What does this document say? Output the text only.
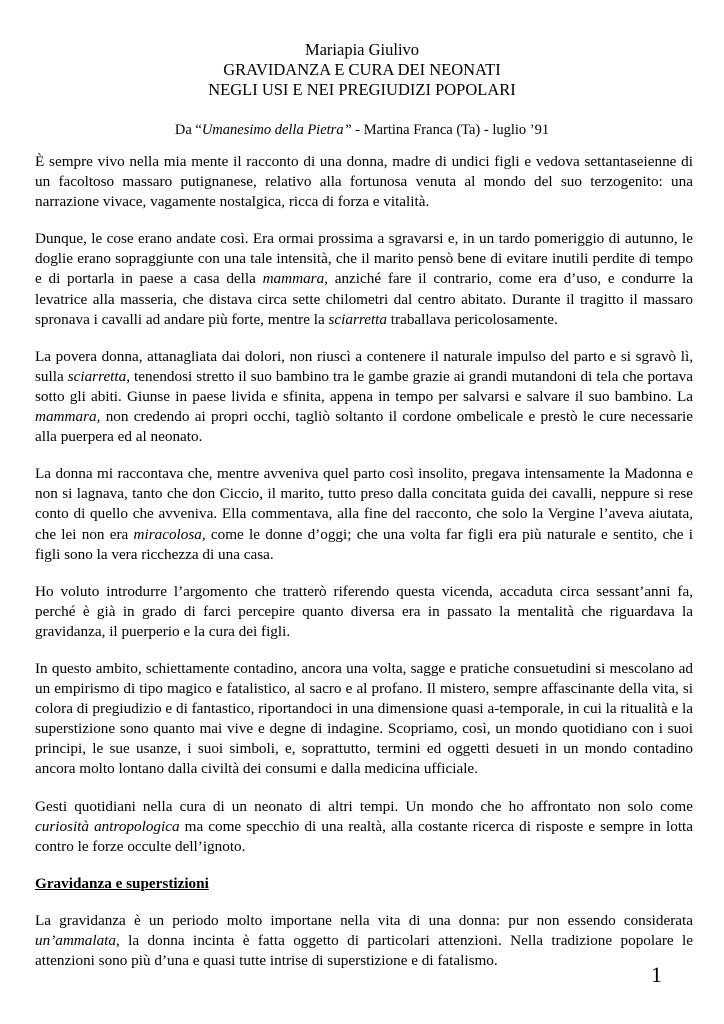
Mariapia Giulivo
GRAVIDANZA E CURA DEI NEONATI
NEGLI USI E NEI PREGIUDIZI POPOLARI
Da “Umanesimo della Pietra” - Martina Franca (Ta) - luglio ’91

È sempre vivo nella mia mente il racconto di una donna, madre di undici figli e vedova settantaseienne di un facoltoso massaro putignanese, relativo alla fortunosa venuta al mondo del suo terzogenito: una narrazione vivace, vagamente nostalgica, ricca di forza e vitalità.

Dunque, le cose erano andate così. Era ormai prossima a sgravarsi e, in un tardo pomeriggio di autunno, le doglie erano sopraggiunte con una tale intensità, che il marito pensò bene di evitare inutili perdite di tempo e di portarla in paese a casa della mammara, anziché fare il contrario, come era d’uso, e condurre la levatrice alla masseria, che distava circa sette chilometri dal centro abitato. Durante il tragitto il massaro spronava i cavalli ad andare più forte, mentre la sciarretta traballava pericolosamente.

La povera donna, attanagliata dai dolori, non riuscì a contenere il naturale impulso del parto e si sgravò lì, sulla sciarretta, tenendosi stretto il suo bambino tra le gambe grazie ai grandi mutandoni di tela che portava sotto gli abiti. Giunse in paese livida e sfinita, appena in tempo per salvarsi e salvare il suo bambino. La mammara, non credendo ai propri occhi, tagliò soltanto il cordone ombelicale e prestò le cure necessarie alla puerpera ed al neonato.

La donna mi raccontava che, mentre avveniva quel parto così insolito, pregava intensamente la Madonna e non si lagnava, tanto che don Ciccio, il marito, tutto preso dalla concitata guida dei cavalli, neppure si rese conto di quello che avveniva. Ella commentava, alla fine del racconto, che solo la Vergine l’aveva aiutata, che lei non era miracolosa, come le donne d’oggi; che una volta far figli era più naturale e sentito, che i figli sono la vera ricchezza di una casa.

Ho voluto introdurre l’argomento che tratterò riferendo questa vicenda, accaduta circa sessant’anni fa, perché è già in grado di farci percepire quanto diversa era in passato la mentalità che riguardava la gravidanza, il puerperio e la cura dei figli.

In questo ambito, schiettamente contadino, ancora una volta, sagge e pratiche consuetudini si mescolano ad un empirismo di tipo magico e fatalistico, al sacro e al profano. Il mistero, sempre affascinante della vita, si colora di pregiudizio e di fantastico, riportandoci in una dimensione quasi a-temporale, in cui la ritualità e la superstizione sono quanto mai vive e degne di indagine. Scopriamo, così, un mondo quotidiano con i suoi principi, le sue usanze, i suoi simboli, e, soprattutto, termini ed oggetti desueti in un mondo contadino ancora molto lontano dalla civiltà dei consumi e dalla medicina ufficiale.

Gesti quotidiani nella cura di un neonato di altri tempi. Un mondo che ho affrontato non solo come curiosità antropologica ma come specchio di una realtà, alla costante ricerca di risposte e sempre in lotta contro le forze occulte dell’ignoto.

Gravidanza e superstizioni

La gravidanza è un periodo molto importane nella vita di una donna: pur non essendo considerata un’ammalata, la donna incinta è fatta oggetto di particolari attenzioni. Nella tradizione popolare le attenzioni sono più d’una e quasi tutte intrise di superstizione e di fatalismo.

1
